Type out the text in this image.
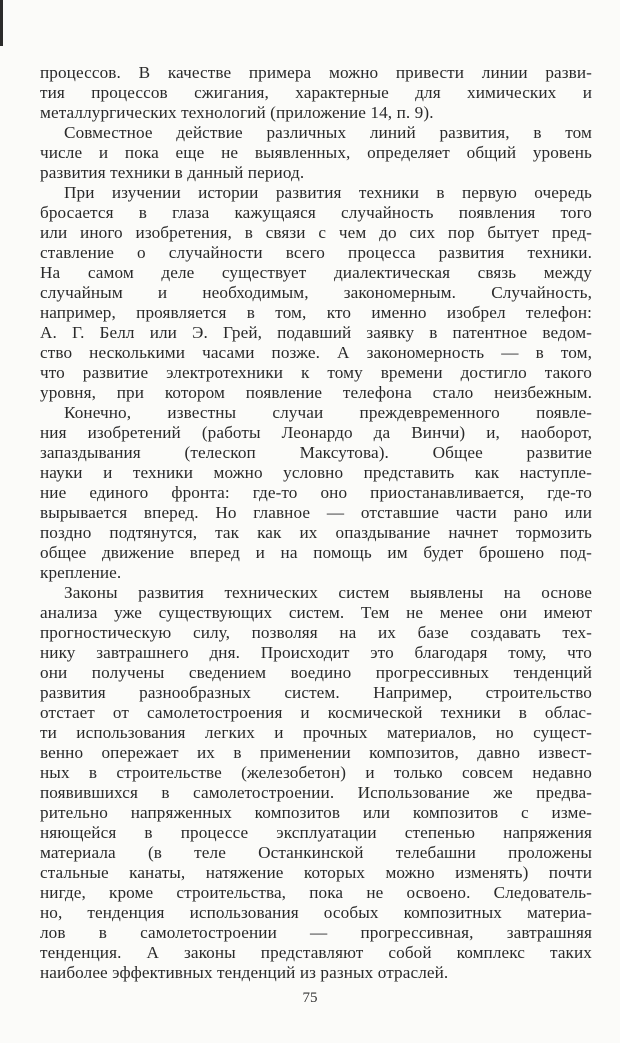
процессов. В качестве примера можно привести линии разви-
тия процессов сжигания, характерные для химических и
металлургических технологий (приложение 14, п. 9).
Совместное действие различных линий развития, в том
числе и пока еще не выявленных, определяет общий уровень
развития техники в данный период.
При изучении истории развития техники в первую очередь
бросается в глаза кажущаяся случайность появления того
или иного изобретения, в связи с чем до сих пор бытует пред-
ставление о случайности всего процесса развития техники.
На самом деле существует диалектическая связь между
случайным и необходимым, закономерным. Случайность,
например, проявляется в том, кто именно изобрел телефон:
А. Г. Белл или Э. Грей, подавший заявку в патентное ведом-
ство несколькими часами позже. А закономерность — в том,
что развитие электротехники к тому времени достигло такого
уровня, при котором появление телефона стало неизбежным.
Конечно, известны случаи преждевременного появле-
ния изобретений (работы Леонардо да Винчи) и, наоборот,
запаздывания (телескоп Максутова). Общее развитие
науки и техники можно условно представить как наступле-
ние единого фронта: где-то оно приостанавливается, где-то
вырывается вперед. Но главное — отставшие части рано или
поздно подтянутся, так как их опаздывание начнет тормозить
общее движение вперед и на помощь им будет брошено под-
крепление.
Законы развития технических систем выявлены на основе
анализа уже существующих систем. Тем не менее они имеют
прогностическую силу, позволяя на их базе создавать тех-
нику завтрашнего дня. Происходит это благодаря тому, что
они получены сведением воедино прогрессивных тенденций
развития разнообразных систем. Например, строительство
отстает от самолетостроения и космической техники в облас-
ти использования легких и прочных материалов, но сущест-
венно опережает их в применении композитов, давно извест-
ных в строительстве (железобетон) и только совсем недавно
появившихся в самолетостроении. Использование же предва-
рительно напряженных композитов или композитов с изме-
няющейся в процессе эксплуатации степенью напряжения
материала (в теле Останкинской телебашни проложены
стальные канаты, натяжение которых можно изменять) почти
нигде, кроме строительства, пока не освоено. Следователь-
но, тенденция использования особых композитных материа-
лов в самолетостроении — прогрессивная, завтрашняя
тенденция. А законы представляют собой комплекс таких
наиболее эффективных тенденций из разных отраслей.
75
